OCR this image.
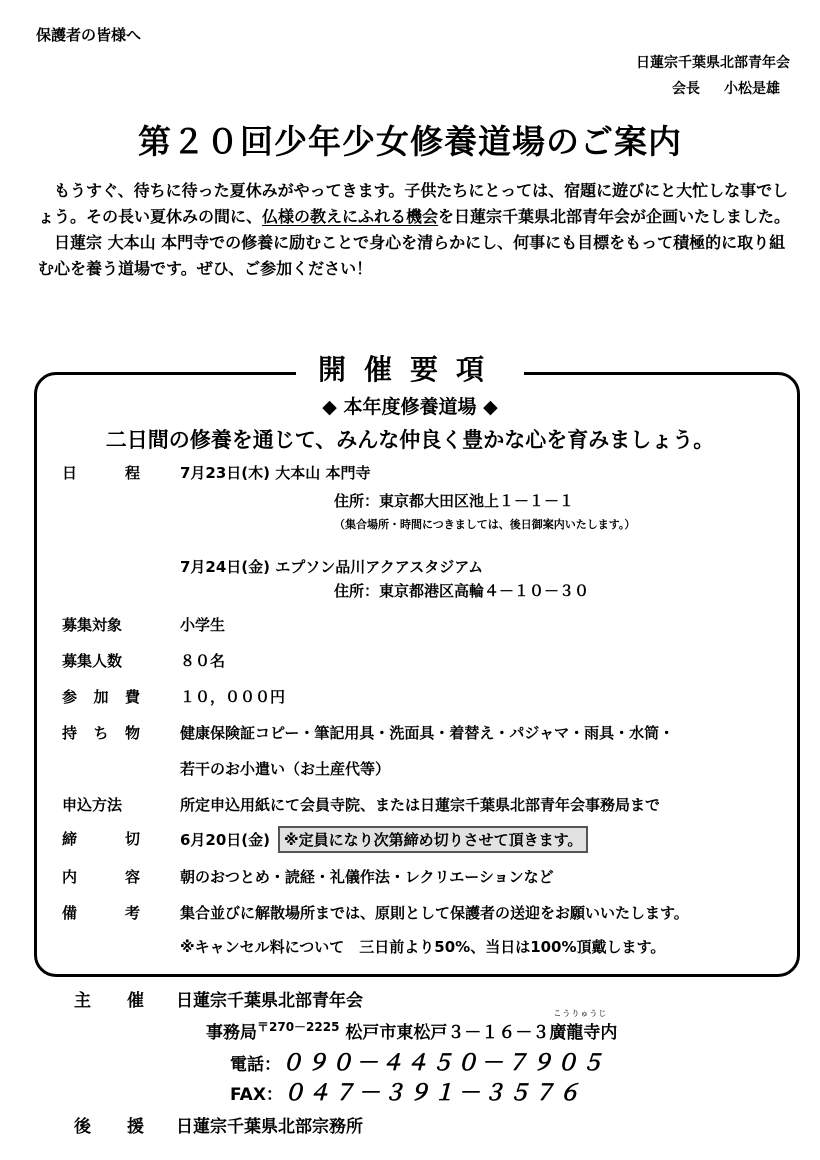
保護者の皆様へ
日蓮宗千葉県北部青年会
会長 小松是雄
第２０回少年少女修養道場のご案内

もうすぐ、待ちに待った夏休みがやってきます。子供たちにとっては、宿題に遊びにと大忙しな事でしょう。その長い夏休みの間に、仏様の教えにふれる機会を日蓮宗千葉県北部青年会が企画いたしました。

日蓮宗 大本山 本門寺での修養に励むことで身心を清らかにし、何事にも目標をもって積極的に取り組む心を養う道場です。ぜひ、ご参加ください！

開催要項
◆ 本年度修養道場 ◆
二日間の修養を通じて、みんな仲良く豊かな心を育みましょう。
日	程	7月23日(木) 大本山 本門寺
住所：東京都大田区池上１－１－１
（集合場所・時間につきましては、後日御案内いたします。）
7月24日(金) エプソン品川アクアスタジアム
住所：東京都港区高輪４－１０－３０
募集対象	小学生
募集人数	８０名
参 加 費	１０，０００円
持 ち 物	健康保険証コピー・筆記用具・洗面具・着替え・パジャマ・雨具・水筒・
若干のお小遣い（お土産代等）
申込方法	所定申込用紙にて会員寺院、または日蓮宗千葉県北部青年会事務局まで
締	切	6月20日(金) ※定員になり次第締め切りさせて頂きます。
内	容	朝のおつとめ・読経・礼儀作法・レクリエーションなど
備	考	集合並びに解散場所までは、原則として保護者の送迎をお願いいたします。
※キャンセル料について　三日前より50%、当日は100%頂戴します。
主 催 日蓮宗千葉県北部青年会
事務局$^{〒270-2225}$ 松戸市東松戸３－１６－３
こうりゅうじ
廣龍寺内
電話：０９０－４４５０－７９０５
FAX：０４７－３９１－３５７６
後 援 日蓮宗千葉県北部宗務所
